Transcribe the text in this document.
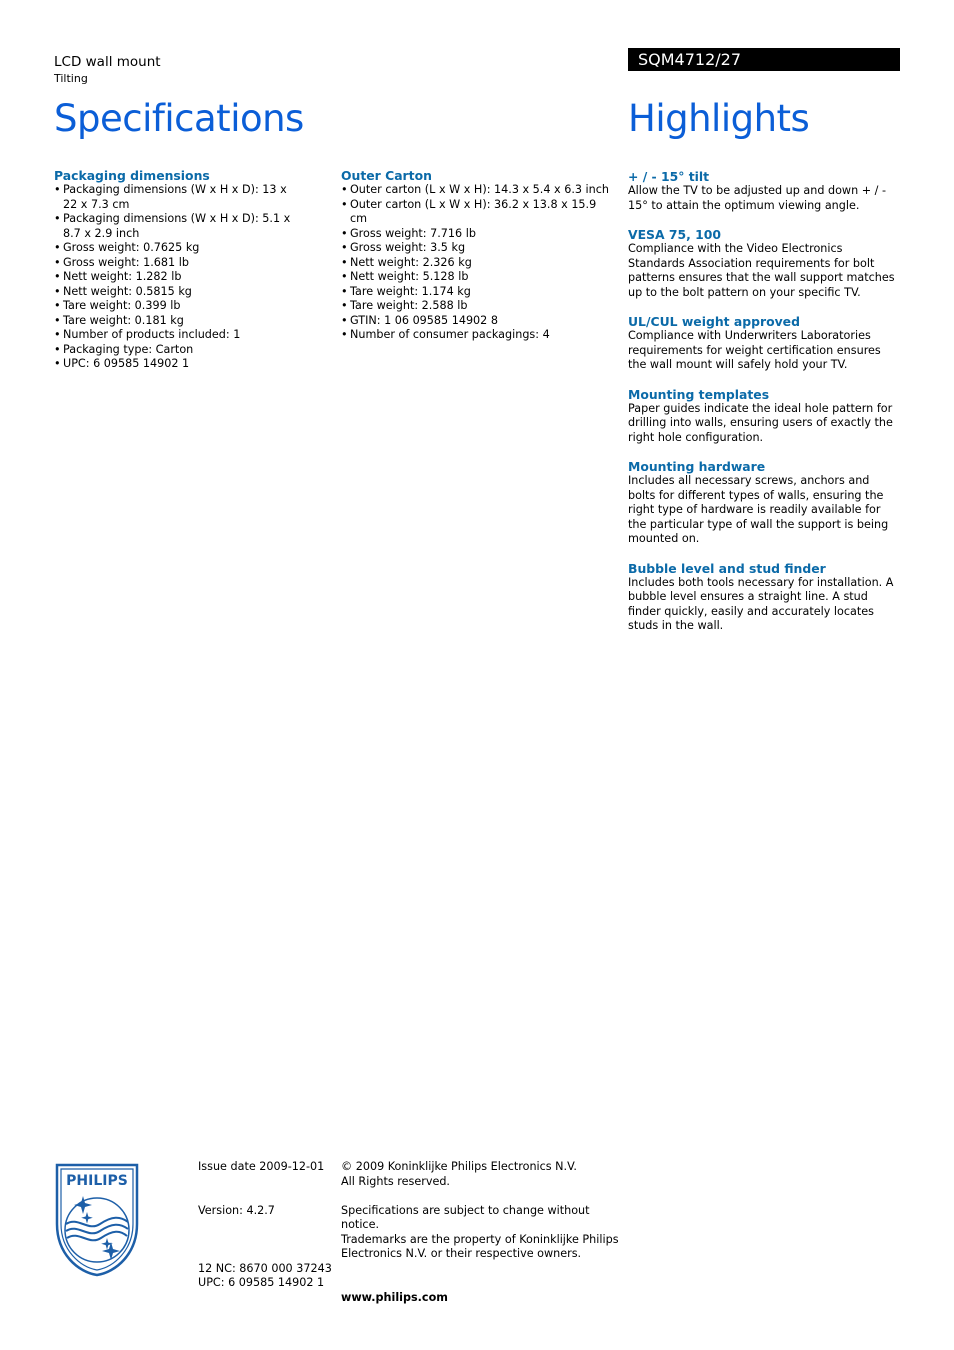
LCD wall mount
Tilting
SQM4712/27
Specifications	Highlights
Packaging dimensions
• Packaging dimensions (W x H x D): 13 x 22 x 7.3 cm
• Packaging dimensions (W x H x D): 5.1 x 8.7 x 2.9 inch
• Gross weight: 0.7625 kg
• Gross weight: 1.681 lb
• Nett weight: 1.282 lb
• Nett weight: 0.5815 kg
• Tare weight: 0.399 lb
• Tare weight: 0.181 kg
• Number of products included: 1
• Packaging type: Carton
• UPC: 6 09585 14902 1
Outer Carton
• Outer carton (L x W x H): 14.3 x 5.4 x 6.3 inch
• Outer carton (L x W x H): 36.2 x 13.8 x 15.9 cm
• Gross weight: 7.716 lb
• Gross weight: 3.5 kg
• Nett weight: 2.326 kg
• Nett weight: 5.128 lb
• Tare weight: 1.174 kg
• Tare weight: 2.588 lb
• GTIN: 1 06 09585 14902 8
• Number of consumer packagings: 4
+ / - 15° tilt

Allow the TV to be adjusted up and down + / - 15° to attain the optimum viewing angle.

VESA 75, 100

Compliance with the Video Electronics Standards Association requirements for bolt patterns ensures that the wall support matches up to the bolt pattern on your specific TV.

UL/CUL weight approved

Compliance with Underwriters Laboratories requirements for weight certification ensures the wall mount will safely hold your TV.

Mounting templates

Paper guides indicate the ideal hole pattern for drilling into walls, ensuring users of exactly the right hole configuration.

Mounting hardware

Includes all necessary screws, anchors and bolts for different types of walls, ensuring the right type of hardware is readily available for the particular type of wall the support is being mounted on.

Bubble level and stud finder

Includes both tools necessary for installation. A bubble level ensures a straight line. A stud finder quickly, easily and accurately locates studs in the wall.

PHILIPS
Issue date 2009-12-01
Version: 4.2.7
12 NC: 8670 000 37243
UPC: 6 09585 14902 1
© 2009 Koninklijke Philips Electronics N.V.
All Rights reserved.
Specifications are subject to change without notice.
Trademarks are the property of Koninklijke Philips
Electronics N.V. or their respective owners.
www.philips.com
